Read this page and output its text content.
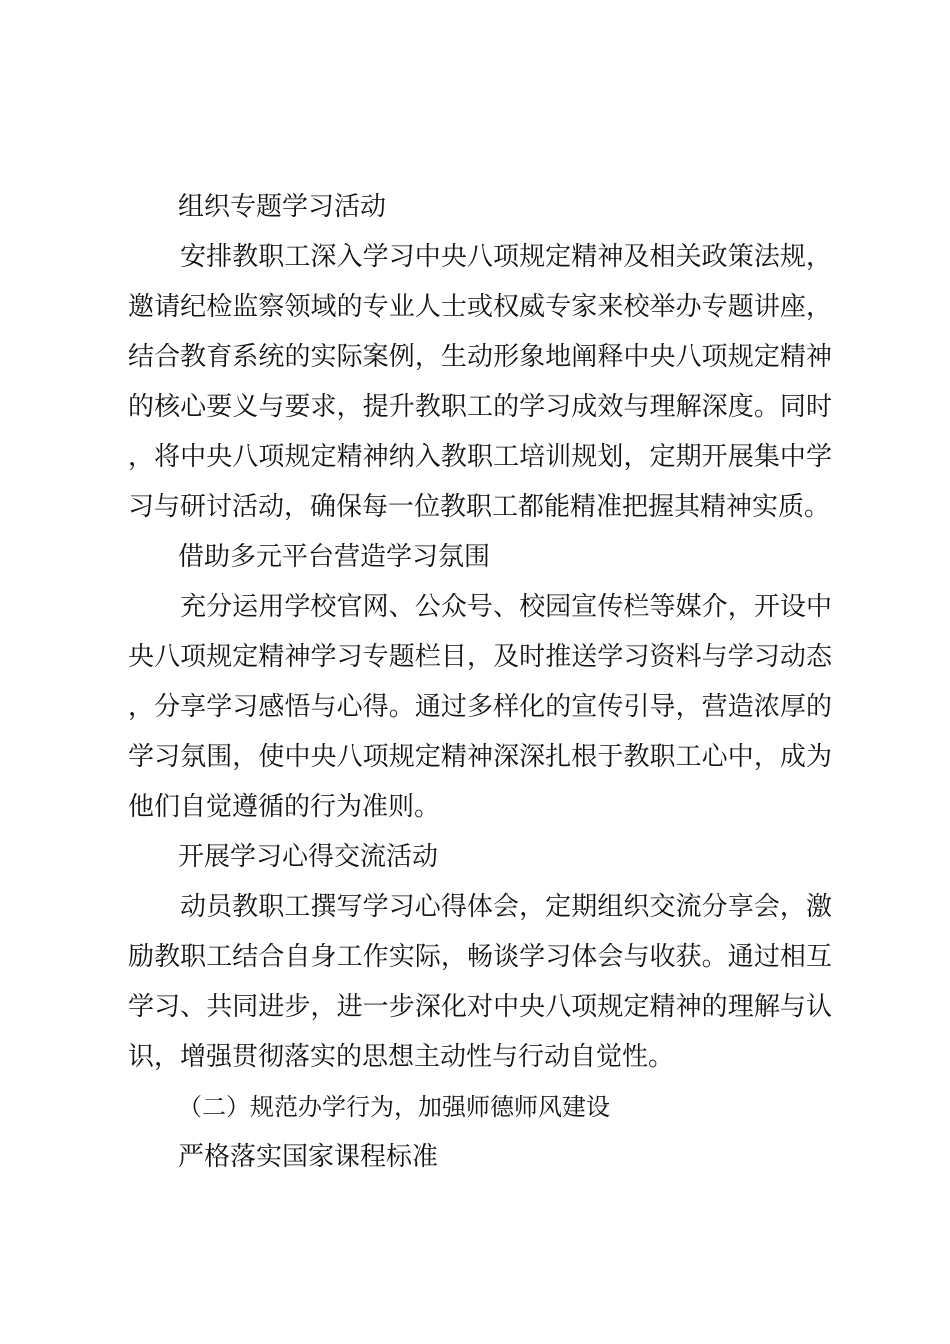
组织专题学习活动

安排教职工深入学习中央八项规定精神及相关政策法规，邀请纪检监察领域的专业人士或权威专家来校举办专题讲座，结合教育系统的实际案例，生动形象地阐释中央八项规定精神的核心要义与要求，提升教职工的学习成效与理解深度。同时，将中央八项规定精神纳入教职工培训规划，定期开展集中学习与研讨活动，确保每一位教职工都能精准把握其精神实质。

借助多元平台营造学习氛围

充分运用学校官网、公众号、校园宣传栏等媒介，开设中央八项规定精神学习专题栏目，及时推送学习资料与学习动态，分享学习感悟与心得。通过多样化的宣传引导，营造浓厚的学习氛围，使中央八项规定精神深深扎根于教职工心中，成为他们自觉遵循的行为准则。

开展学习心得交流活动

动员教职工撰写学习心得体会，定期组织交流分享会，激励教职工结合自身工作实际，畅谈学习体会与收获。通过相互学习、共同进步，进一步深化对中央八项规定精神的理解与认识，增强贯彻落实的思想主动性与行动自觉性。

（二）规范办学行为，加强师德师风建设

严格落实国家课程标准
